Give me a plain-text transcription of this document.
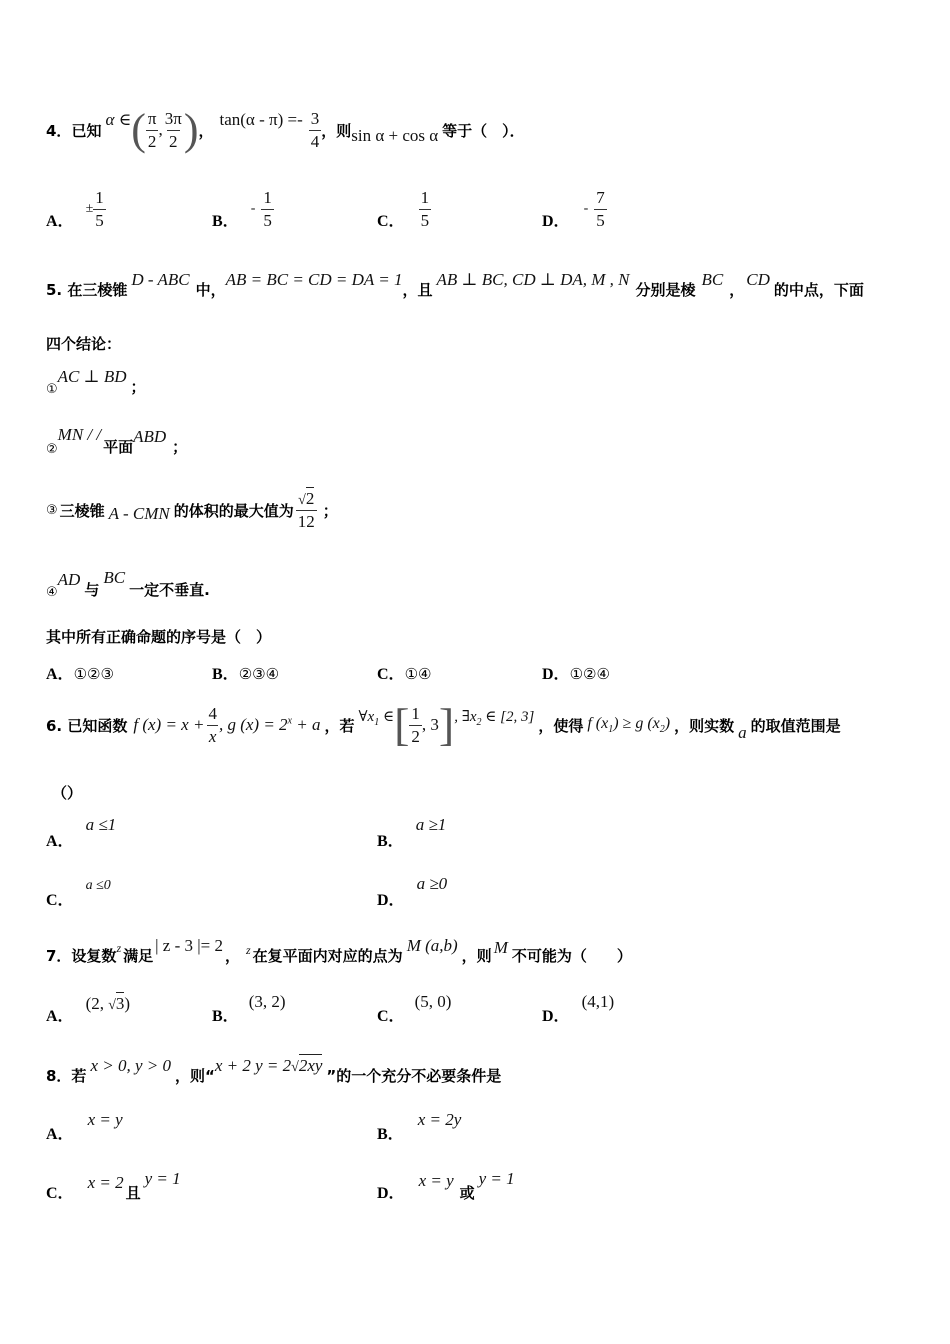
4． 已知
α ∈ ( $\frac{\pi}{2}$ , $\frac{3\pi}{2}$ ) ，
$\tan(\alpha - \pi) =- \frac{3}{4}$ ，则 sin α + cos α 等于（　）．
A．
± $\frac{1}{5}$	B．
- $\frac{1}{5}$	C． $\frac{1}{5}$	D．
- $\frac{7}{5}$
5. 在三棱锥
D - ABC
中，
AB = BC = CD = DA = 1
，且
AB ⊥ BC, CD ⊥ DA, M , N
分别是棱
BC
，
CD
的中点，下面
四个结论：
①
AC ⊥ BD
；
②
MN / /
平面
ABD
；
③ 三棱锥 A - CMN 的体积的最大值为 $\frac{√2}{12}$ ；
④
AD
与
BC
一定不垂直.
其中所有正确命题的序号是（　）
A．①②③	B．②③④	C．①④	D．①②④
6. 已知函数 f $(x) = x + \frac{4}{x}$ , g $(x) = 2^x + a$ ，若 $\forall x_1$ ∈ [ $\frac{1}{2}$ , 3 ] , $\exists x_2$ ∈ [2, 3] ，使得 f $(x_1) \ge g$ $(x_2)$ ，则实数 a 的取值范围是
（）
A．
a ≤1
B．
a ≥1
C．
a ≤0
D．
a ≥0
7．设复数 z 满足
| z - 3 |= 2
， z 在复平面内对应的点为
M (a,b)
，则 M 不可能为（　　）
A．
(2, √3)
B．
(3, 2)
C．
(5, 0)
D．
(4,1)
8．若
x > 0, y > 0
，则“
x + 2 y = 2√2xy
”的一个充分不必要条件是
A．
x = y
B．
x = 2y
C．
x = 2
且
y = 1
D．
x = y
或
y = 1
